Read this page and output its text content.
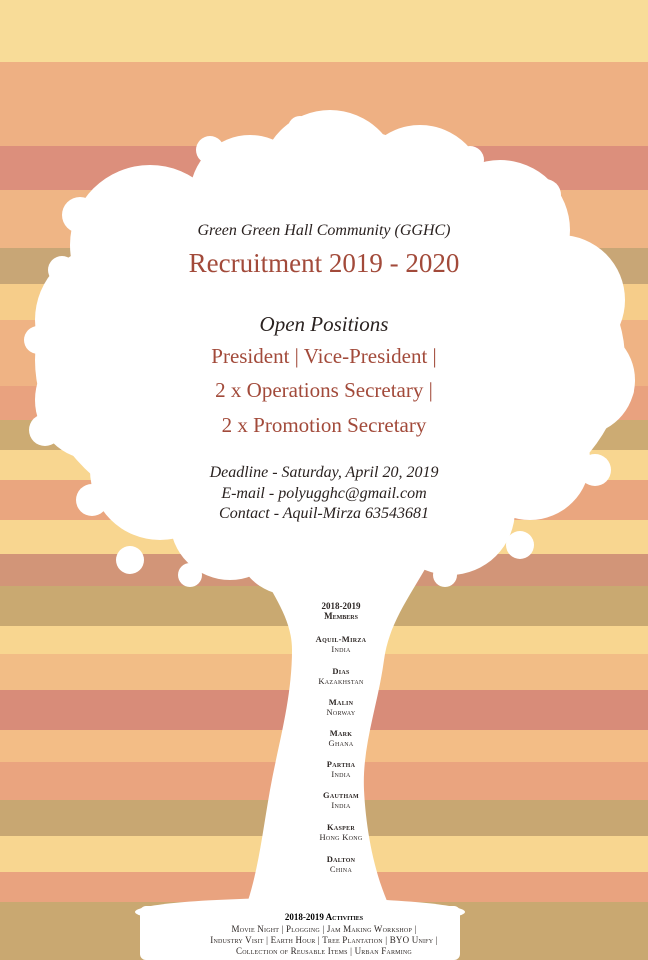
Green Green Hall Community (GGHC)
Recruitment 2019 - 2020
Open Positions
President | Vice-President |
2 x Operations Secretary |
2 x Promotion Secretary
Deadline - Saturday, April 20, 2019
E-mail - polyugghc@gmail.com
Contact - Aquil-Mirza 63543681
2018-2019
Members
Aquil-Mirza
India
Dias
Kazakhstan
Malin
Norway
Mark
Ghana
Partha
India
Gautham
India
Kasper
Hong Kong
Dalton
China
2018-2019 Activities
Movie Night | Plogging | Jam Making Workshop |
Industry Visit | Earth Hour | Tree Plantation | BYO Unify |
Collection of Reusable Items | Urban Farming
